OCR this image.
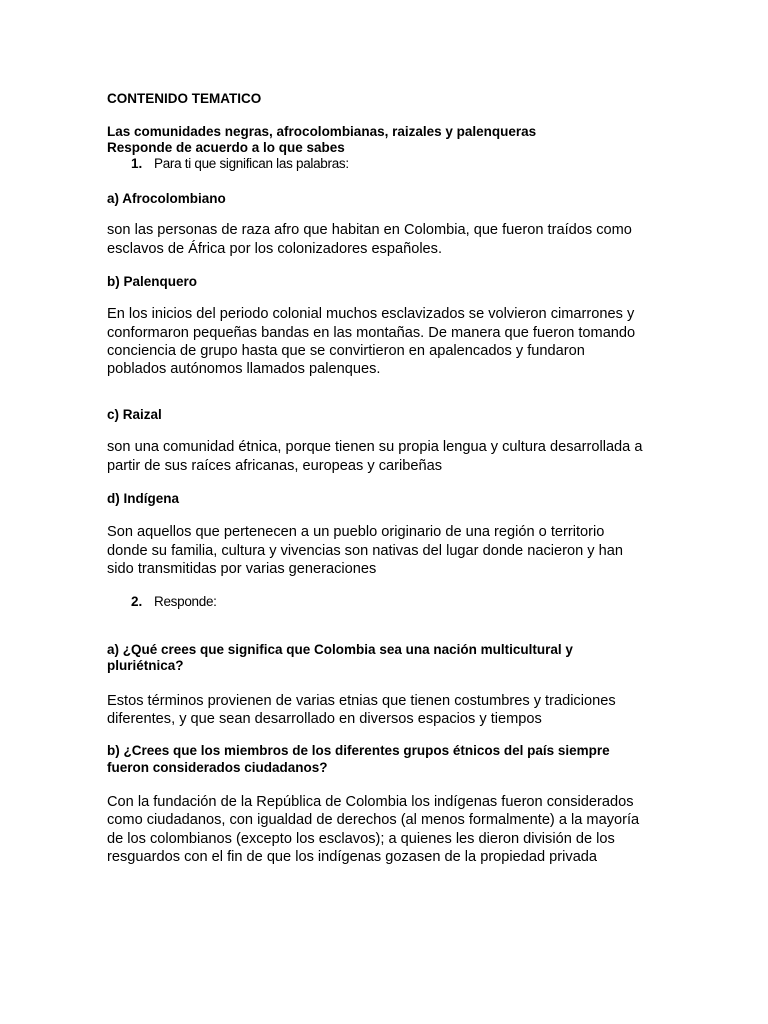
CONTENIDO TEMATICO

Las comunidades negras, afrocolombianas, raizales y palenqueras

Responde de acuerdo a lo que sabes

1. Para ti que significan las palabras:

a) Afrocolombiano

son las personas de raza afro que habitan en Colombia, que fueron traídos como

esclavos de África por los colonizadores españoles.

b) Palenquero

En los inicios del periodo colonial muchos esclavizados se volvieron cimarrones y

conformaron pequeñas bandas en las montañas. De manera que fueron tomando

conciencia de grupo hasta que se convirtieron en apalencados y fundaron

poblados autónomos llamados palenques.

c) Raizal

son una comunidad étnica, porque tienen su propia lengua y cultura desarrollada a

partir de sus raíces africanas, europeas y caribeñas

d) Indígena

Son aquellos que pertenecen a un pueblo originario de una región o territorio

donde su familia, cultura y vivencias son nativas del lugar donde nacieron y han

sido transmitidas por varias generaciones

2. Responde:

a) ¿Qué crees que significa que Colombia sea una nación multicultural y

pluriétnica?

Estos términos provienen de varias etnias que tienen costumbres y tradiciones

diferentes, y que sean desarrollado en diversos espacios y tiempos

b) ¿Crees que los miembros de los diferentes grupos étnicos del país siempre

fueron considerados ciudadanos?

Con la fundación de la República de Colombia los indígenas fueron considerados

como ciudadanos, con igualdad de derechos (al menos formalmente) a la mayoría

de los colombianos (excepto los esclavos); a quienes les dieron división de los

resguardos con el fin de que los indígenas gozasen de la propiedad privada
